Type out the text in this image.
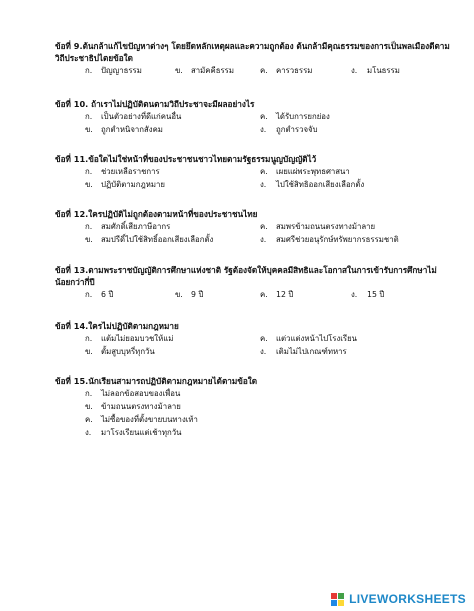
ข้อที่ 9.ต้นกล้าแก้ไขปัญหาต่างๆ โดยยึดหลักเหตุผลและความถูกต้อง ต้นกล้ามีคุณธรรมของการเป็นพลเมืองดีตามวิถีประชาธิปไตยข้อใด
ก. ปัญญาธรรม	ข. สามัคคีธรรม	ค. คารวธรรม	ง. มโนธรรม
ข้อที่ 10. ถ้าเราไม่ปฏิบัติตนตามวิถีประชาจะมีผลอย่างไร
ก. เป็นตัวอย่างที่ดีแก่คนอื่น	ค. ได้รับการยกย่อง
ข. ถูกตำหนิจากสังคม	ง. ถูกตำรวจจับ
ข้อที่ 11.ข้อใดไม่ใช่หน้าที่ของประชาชนชาวไทยตามรัฐธรรมนูญบัญญัติไว้
ก. ช่วยเหลือราชการ	ค. เผยแผ่พระพุทธศาสนา
ข. ปฏิบัติตามกฎหมาย	ง. ไปใช้สิทธิออกเสียงเลือกตั้ง
ข้อที่ 12.ใครปฏิบัติไม่ถูกต้องตามหน้าที่ของประชาชนไทย
ก. สมศักดิ์เสียภาษีอากร	ค. สมพรข้ามถนนตรงทางม้าลาย
ข. สมปรีดิ์ไปใช้สิทธิ์ออกเสียงเลือกตั้ง	ง. สมศรีช่วยอนุรักษ์ทรัพยากรธรรมชาติ
ข้อที่ 13.ตามพระราชบัญญัติการศึกษาแห่งชาติ รัฐต้องจัดให้บุคคลมีสิทธิและโอกาสในการเข้ารับการศึกษาไม่น้อยกว่ากี่ปี
ก. 6 ปี	ข. 9 ปี	ค. 12 ปี	ง. 15 ปี
ข้อที่ 14.ใครไม่ปฏิบัติตามกฎหมาย
ก. แต้มไม่ยอมบวชให้แม่	ค. แต่วแต่งหน้าไปโรงเรียน
ข. ตั้มสูบบุหรี่ทุกวัน	ง. เติมไม่ไปเกณฑ์ทหาร
ข้อที่ 15.นักเรียนสามารถปฏิบัติตามกฎหมายได้ตามข้อใด
ก. ไม่ลอกข้อสอบของเพื่อน
ข. ข้ามถนนตรงทางม้าลาย
ค. ไม่ซื้อของที่ตั้งขายบนทางเท้า
ง. มาโรงเรียนแต่เช้าทุกวัน
LIVEWORKSHEETS
